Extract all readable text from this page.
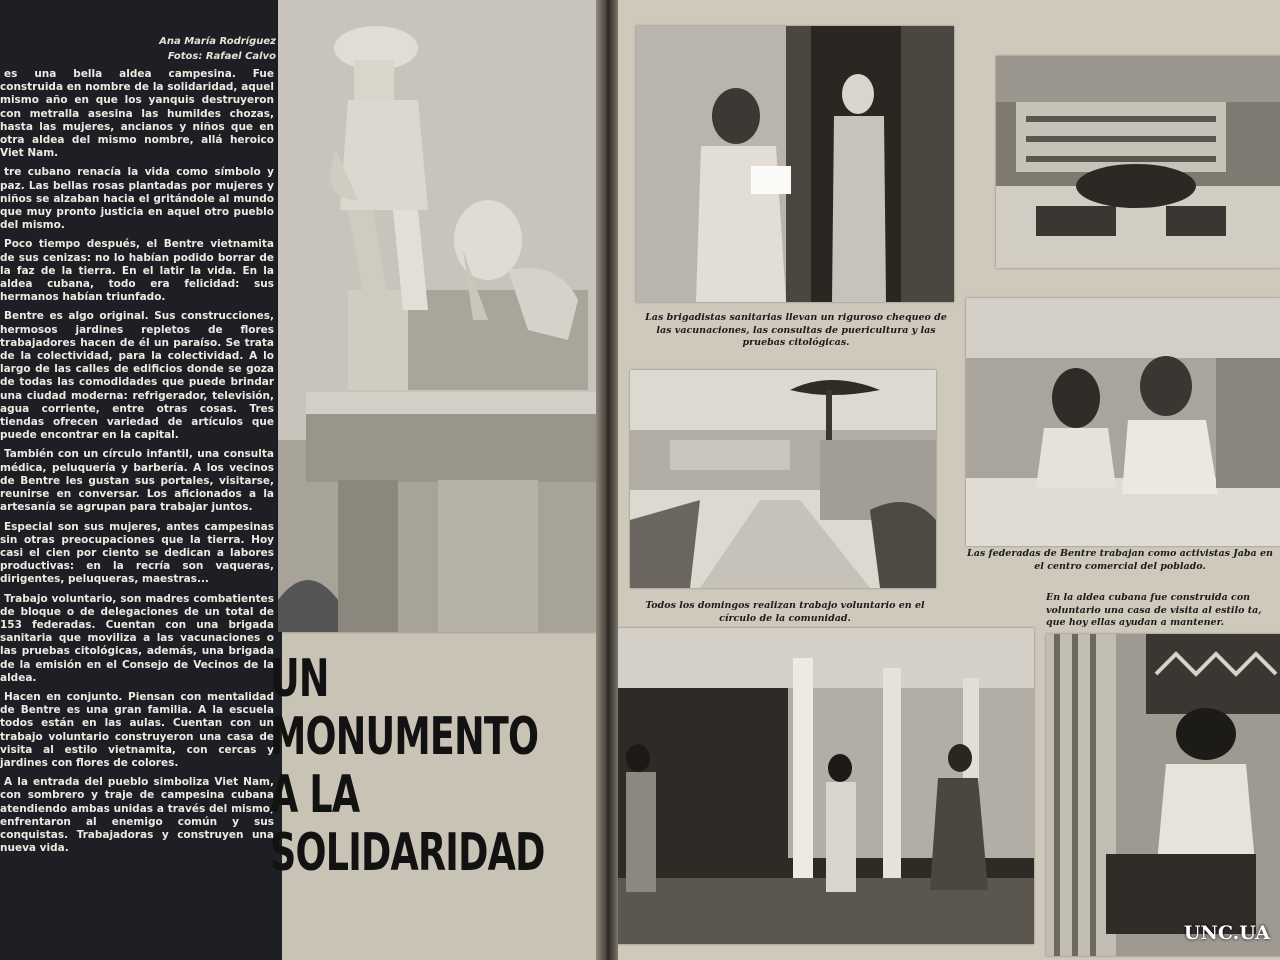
Ana María Rodríguez
Fotos: Rafael Calvo

es una bella aldea campesina. Fue construida en nombre de la solidaridad, aquel mismo año en que los yanquis destruyeron con metralla asesina las humildes chozas, hasta las mujeres, ancianos y niños que en otra aldea del mismo nombre, allá heroico Viet Nam.

tre cubano renacía la vida como símbolo y paz. Las bellas rosas plantadas por mujeres y niños se alzaban hacia el gritándole al mundo que muy pronto justicia en aquel otro pueblo del mismo.

Poco tiempo después, el Bentre vietnamita de sus cenizas: no lo habían podido borrar de la faz de la tierra. En el latir la vida. En la aldea cubana, todo era felicidad: sus hermanos habían triunfado.

Bentre es algo original. Sus construcciones, hermosos jardines repletos de flores trabajadores hacen de él un paraíso. Se trata de la colectividad, para la colectividad. A lo largo de las calles de edificios donde se goza de todas las comodidades que puede brindar una ciudad moderna: refrigerador, televisión, agua corriente, entre otras cosas. Tres tiendas ofrecen variedad de artículos que puede encontrar en la capital.

También con un círculo infantil, una consulta médica, peluquería y barbería. A los vecinos de Bentre les gustan sus portales, visitarse, reunirse en conversar. Los aficionados a la artesanía se agrupan para trabajar juntos.

Especial son sus mujeres, antes campesinas sin otras preocupaciones que la tierra. Hoy casi el cien por ciento se dedican a labores productivas: en la recría son vaqueras, dirigentes, peluqueras, maestras...

Trabajo voluntario, son madres combatientes de bloque o de delegaciones de un total de 153 federadas. Cuentan con una brigada sanitaria que moviliza a las vacunaciones o las pruebas citológicas, además, una brigada de la emisión en el Consejo de Vecinos de la aldea.

Hacen en conjunto. Piensan con mentalidad de Bentre es una gran familia. A la escuela todos están en las aulas. Cuentan con un trabajo voluntario construyeron una casa de visita al estilo vietnamita, con cercas y jardines con flores de colores.

A la entrada del pueblo simboliza Viet Nam, con sombrero y traje de campesina cubana atendiendo ambas unidas a través del mismo, enfrentaron al enemigo común y sus conquistas. Trabajadoras y construyen una nueva vida.

UN
MONUMENTO
A LA
SOLIDARIDAD
Las brigadistas sanitarias llevan un riguroso chequeo de las vacunaciones, las consultas de puericultura y las pruebas citológicas.
Las federadas de Bentre trabajan como activistas Jaba en el centro comercial del poblado.
Todos los domingos realizan trabajo voluntario en el círculo de la comunidad.
En la aldea cubana fue construida con voluntario una casa de visita al estilo ta, que hoy ellas ayudan a mantener.
UNC.UA
